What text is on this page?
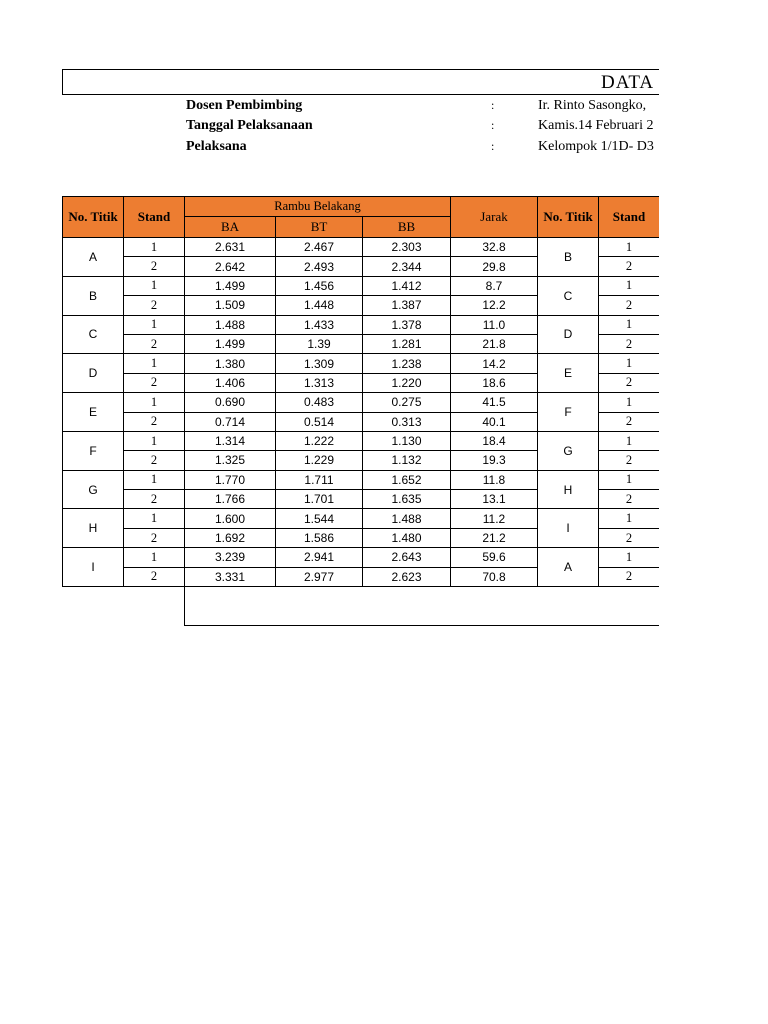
DATA
Dosen Pembimbing	:	Ir. Rinto Sasongko,
Tanggal Pelaksanaan	:	Kamis.14 Februari 2
Pelaksana	:	Kelompok 1/1D- D3
No. Titik	Stand	Rambu Belakang			Jarak	No. Titik	Stand
		BA	BT	BB			
A	1	2.631	2.467	2.303	32.8	B	1
	2	2.642	2.493	2.344	29.8		2
B	1	1.499	1.456	1.412	8.7	C	1
	2	1.509	1.448	1.387	12.2		2
C	1	1.488	1.433	1.378	11.0	D	1
	2	1.499	1.39	1.281	21.8		2
D	1	1.380	1.309	1.238	14.2	E	1
	2	1.406	1.313	1.220	18.6		2
E	1	0.690	0.483	0.275	41.5	F	1
	2	0.714	0.514	0.313	40.1		2
F	1	1.314	1.222	1.130	18.4	G	1
	2	1.325	1.229	1.132	19.3		2
G	1	1.770	1.711	1.652	11.8	H	1
	2	1.766	1.701	1.635	13.1		2
H	1	1.600	1.544	1.488	11.2	I	1
	2	1.692	1.586	1.480	21.2		2
I	1	3.239	2.941	2.643	59.6	A	1
	2	3.331	2.977	2.623	70.8		2
